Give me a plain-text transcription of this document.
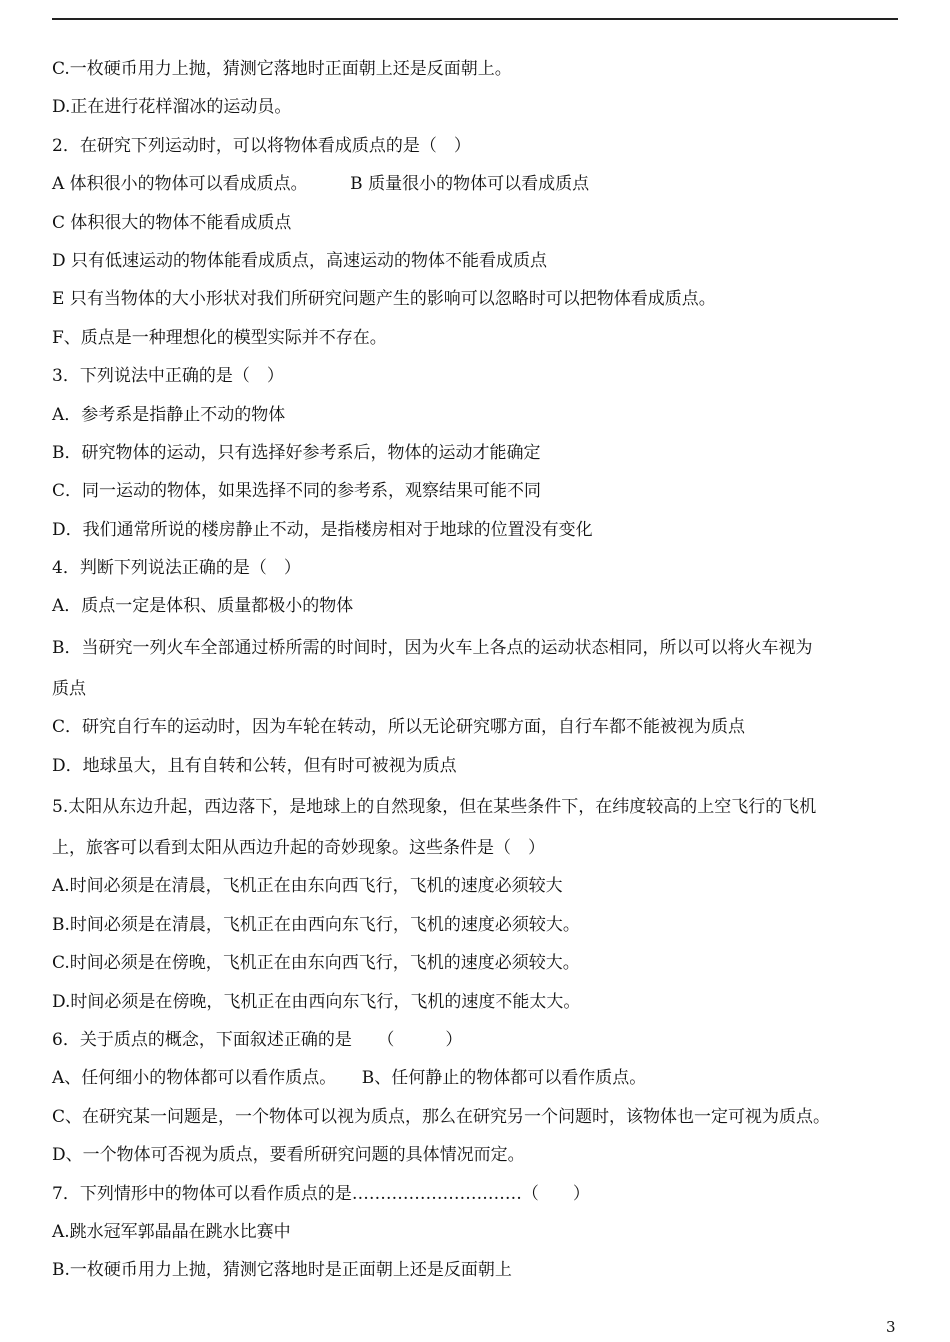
C.一枚硬币用力上抛，猜测它落地时正面朝上还是反面朝上。
D.正在进行花样溜冰的运动员。
2．在研究下列运动时，可以将物体看成质点的是（　）
A 体积很小的物体可以看成质点。　　　B 质量很小的物体可以看成质点
C 体积很大的物体不能看成质点
D 只有低速运动的物体能看成质点，高速运动的物体不能看成质点
E 只有当物体的大小形状对我们所研究问题产生的影响可以忽略时可以把物体看成质点。
F、质点是一种理想化的模型实际并不存在。
3．下列说法中正确的是（　）
A．参考系是指静止不动的物体
B．研究物体的运动，只有选择好参考系后，物体的运动才能确定
C．同一运动的物体，如果选择不同的参考系，观察结果可能不同
D．我们通常所说的楼房静止不动，是指楼房相对于地球的位置没有变化
4．判断下列说法正确的是（　）
A．质点一定是体积、质量都极小的物体
B．当研究一列火车全部通过桥所需的时间时，因为火车上各点的运动状态相同，所以可以将火车视为
质点
C．研究自行车的运动时，因为车轮在转动，所以无论研究哪方面，自行车都不能被视为质点
D．地球虽大，且有自转和公转，但有时可被视为质点
5.太阳从东边升起，西边落下，是地球上的自然现象，但在某些条件下，在纬度较高的上空飞行的飞机
上，旅客可以看到太阳从西边升起的奇妙现象。这些条件是（　）
A.时间必须是在清晨，飞机正在由东向西飞行，飞机的速度必须较大
B.时间必须是在清晨，飞机正在由西向东飞行，飞机的速度必须较大。
C.时间必须是在傍晚，飞机正在由东向西飞行，飞机的速度必须较大。
D.时间必须是在傍晚，飞机正在由西向东飞行，飞机的速度不能太大。
6．关于质点的概念，下面叙述正确的是　　（　　　）
A、任何细小的物体都可以看作质点。　　B、任何静止的物体都可以看作质点。
C、在研究某一问题是，一个物体可以视为质点，那么在研究另一个问题时，该物体也一定可视为质点。
D、一个物体可否视为质点，要看所研究问题的具体情况而定。
7．下列情形中的物体可以看作质点的是…………………………（　　）
A.跳水冠军郭晶晶在跳水比赛中
B.一枚硬币用力上抛，猜测它落地时是正面朝上还是反面朝上
3
